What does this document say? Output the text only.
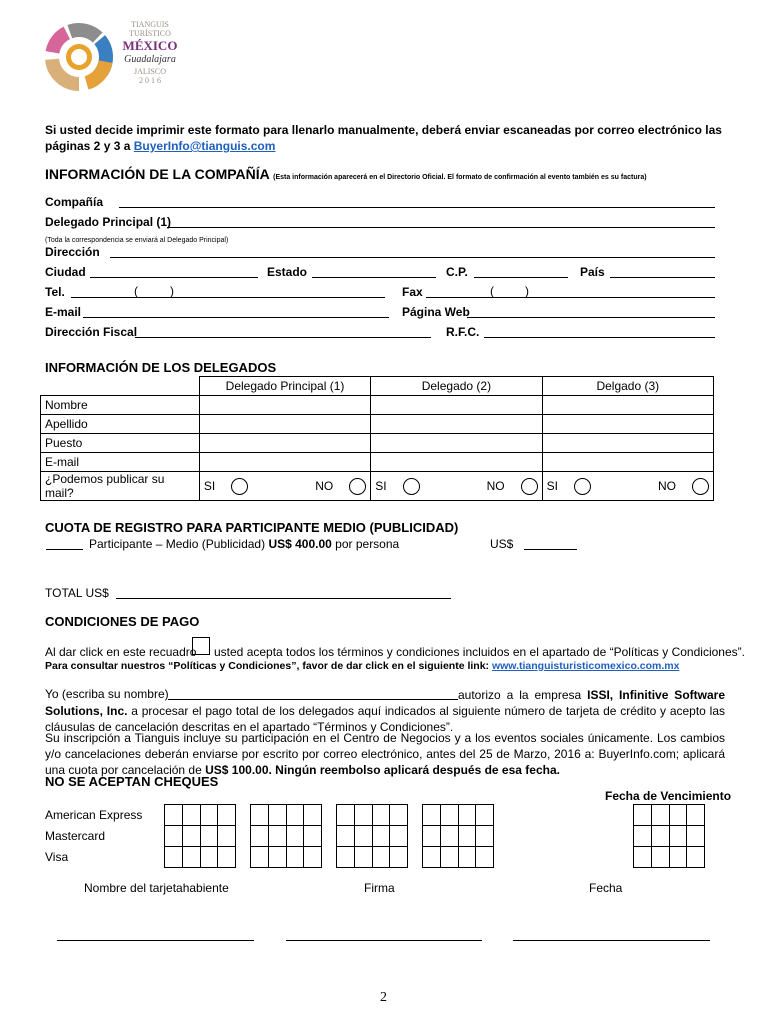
TIANGUIS
TURÍSTICO
MÉXICO
Guadalajara
JALISCO
2 0 1 6
Si usted decide imprimir este formato para llenarlo manualmente, deberá enviar escaneadas por correo electrónico las
páginas 2 y 3 a BuyerInfo@tianguis.com
INFORMACIÓN DE LA COMPAÑÍA (Esta información aparecerá en el Directorio Oficial. El formato de confirmación al evento también es su factura)
Compañía
Delegado Principal (1)
(Toda la correspondencia se enviará al Delegado Principal)
Dirección
Ciudad	Estado	C.P.	País
Tel.	(	)	Fax	(	)
E-mail	Página Web
Dirección Fiscal	R.F.C.
INFORMACIÓN DE LOS DELEGADOS
	Delegado Principal (1)	Delegado (2)	Delgado (3)
Nombre			
Apellido			
Puesto			
E-mail			
¿Podemos publicar su mail?	SI NO	SI NO	SI NO
CUOTA DE REGISTRO PARA PARTICIPANTE MEDIO (PUBLICIDAD)
Participante – Medio (Publicidad) US$ 400.00 por persona	US$
TOTAL US$
CONDICIONES DE PAGO
Al dar click en este recuadro usted acepta todos los términos y condiciones incluidos en el apartado de “Políticas y Condiciones”.
Para consultar nuestros “Políticas y Condiciones”, favor de dar click en el siguiente link: www.tianguisturisticomexico.com.mx
Yo (escriba su nombre)	autorizo a la empresa ISSI, Infinitive Software Solutions, Inc. a procesar el pago total de los delegados aquí indicados al siguiente número de tarjeta de crédito y acepto las cláusulas de cancelación descritas en el apartado “Términos y Condiciones”.
Su inscripción a Tianguis incluye su participación en el Centro de Negocios y a los eventos sociales únicamente. Los cambios y/o cancelaciones deberán enviarse por escrito por correo electrónico, antes del 25 de Marzo, 2016 a: BuyerInfo.com; aplicará una cuota por cancelación de US$ 100.00. Ningún reembolso aplicará después de esa fecha.
NO SE ACEPTAN CHEQUES
Fecha de Vencimiento
American Express
Mastercard
Visa
Nombre del tarjetahabiente	Firma	Fecha
2
